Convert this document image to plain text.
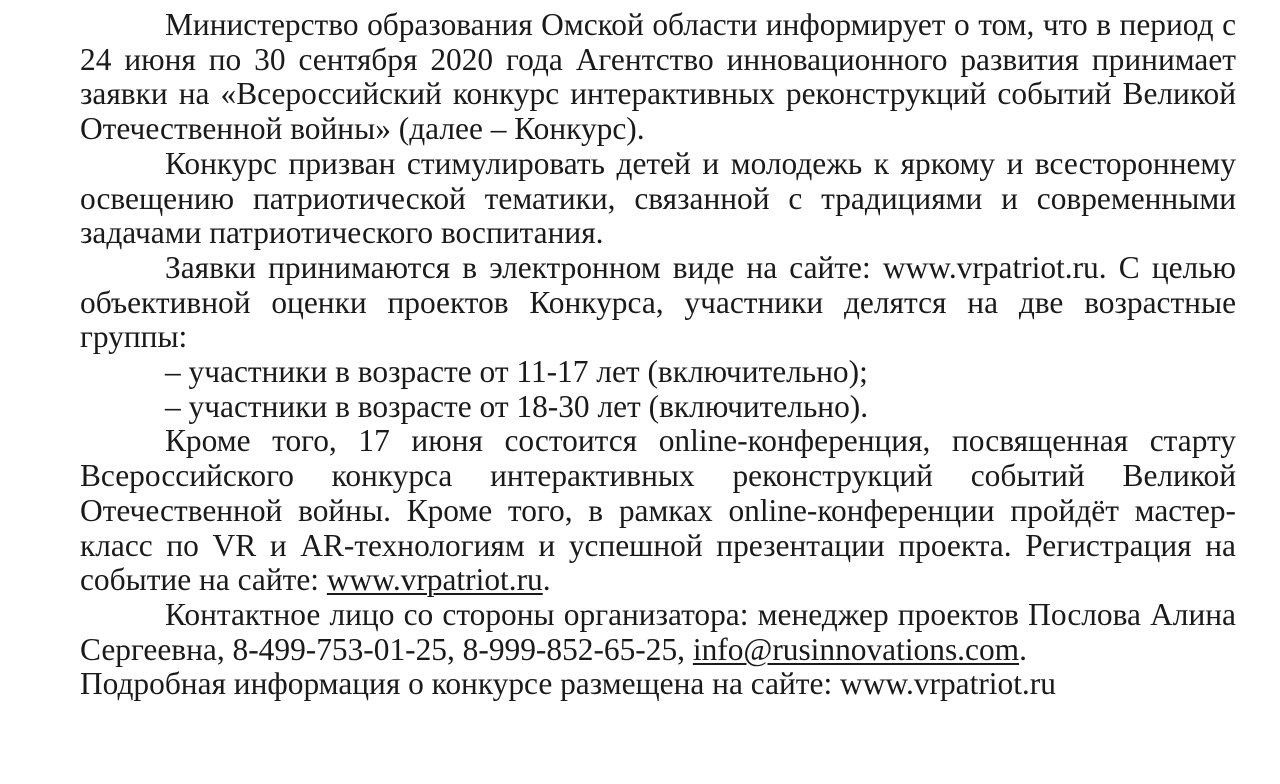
Министерство образования Омской области информирует о том, что в период с 24 июня по 30 сентября 2020 года Агентство инновационного развития принимает заявки на «Всероссийский конкурс интерактивных реконструкций событий Великой Отечественной войны» (далее – Конкурс).

Конкурс призван стимулировать детей и молодежь к яркому и всестороннему освещению патриотической тематики, связанной с традициями и современными задачами патриотического воспитания.

Заявки принимаются в электронном виде на сайте: www.vrpatriot.ru. С целью объективной оценки проектов Конкурса, участники делятся на две возрастные группы:

– участники в возрасте от 11-17 лет (включительно);

– участники в возрасте от 18-30 лет (включительно).

Кроме того, 17 июня состоится online-конференция, посвященная старту Всероссийского конкурса интерактивных реконструкций событий Великой Отечественной войны. Кроме того, в рамках online-конференции пройдёт мастер-класс по VR и AR-технологиям и успешной презентации проекта. Регистрация на событие на сайте: www.vrpatriot.ru.

Контактное лицо со стороны организатора: менеджер проектов Послова Алина Сергеевна, 8-499-753-01-25, 8-999-852-65-25, info@rusinnovations.com.

Подробная информация о конкурсе размещена на сайте: www.vrpatriot.ru
